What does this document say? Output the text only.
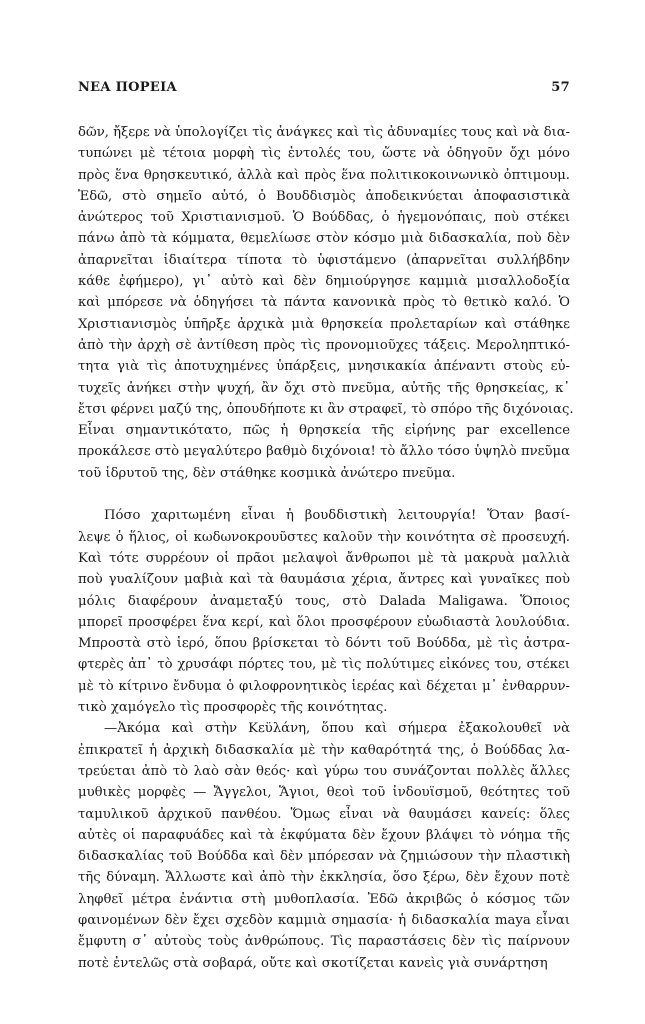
ΝΕΑ ΠΟΡΕΙΑ	57
δῶν, ἤξερε νὰ ὑπολογίζει τὶς ἀνάγκες καὶ τὶς ἀδυναμίες τους καὶ νὰ δια-
τυπώνει μὲ τέτοια μορφὴ τὶς ἐντολές του, ὥστε νὰ ὁδηγοῦν ὄχι μόνο
πρὸς ἕνα θρησκευτικό, ἀλλὰ καὶ πρὸς ἕνα πολιτικοκοινωνικὸ ὀπτιμουμ.
Ἐδῶ, στὸ σημεῖο αὐτό, ὁ Βουδδισμὸς ἀποδεικνύεται ἀποφασιστικὰ
ἀνώτερος τοῦ Χριστιανισμοῦ. Ὁ Βούδδας, ὁ ἡγεμονόπαις, ποὺ στέκει
πάνω ἀπὸ τὰ κόμματα, θεμελίωσε στὸν κόσμο μιὰ διδασκαλία, ποὺ δὲν
ἀπαρνεῖται ἰδιαίτερα τίποτα τὸ ὑφιστάμενο (ἀπαρνεῖται συλλήβδην
κάθε ἐφήμερο), γι᾽ αὐτὸ καὶ δὲν δημιούργησε καμμιὰ μισαλλοδοξία
καὶ μπόρεσε νὰ ὁδηγήσει τὰ πάντα κανονικὰ πρὸς τὸ θετικὸ καλό. Ὁ
Χριστιανισμὸς ὑπῆρξε ἀρχικὰ μιὰ θρησκεία προλεταρίων καὶ στάθηκε
ἀπὸ τὴν ἀρχὴ σὲ ἀντίθεση πρὸς τὶς προνομιοῦχες τάξεις. Μεροληπτικό-
τητα γιὰ τὶς ἀποτυχημένες ὑπάρξεις, μνησικακία ἀπέναντι στοὺς εὐ-
τυχεῖς ἀνήκει στὴν ψυχή, ἂν ὄχι στὸ πνεῦμα, αὐτῆς τῆς θρησκείας, κ᾽
ἔτσι φέρνει μαζύ της, ὁπουδήποτε κι ἂν στραφεῖ, τὸ σπόρο τῆς διχόνοιας.
Εἶναι σημαντικότατο, πῶς ἡ θρησκεία τῆς εἰρήνης par excellence
προκάλεσε στὸ μεγαλύτερο βαθμὸ διχόνοια! τὸ ἄλλο τόσο ὑψηλὸ πνεῦμα
τοῦ ἱδρυτοῦ της, δὲν στάθηκε κοσμικὰ ἀνώτερο πνεῦμα.
Πόσο χαριτωμένη εἶναι ἡ βουδδιστικὴ λειτουργία! Ὅταν βασί-
λεψε ὁ ἥλιος, οἱ κωδωνοκρουῦστες καλοῦν τὴν κοινότητα σὲ προσευχή.
Καὶ τότε συρρέουν οἱ πρᾶοι μελαψοὶ ἄνθρωποι μὲ τὰ μακρυὰ μαλλιὰ
ποὺ γυαλίζουν μαβιὰ καὶ τὰ θαυμάσια χέρια, ἄντρες καὶ γυναῖκες ποὺ
μόλις διαφέρουν ἀναμεταξύ τους, στὸ Dalada Maligawa. Ὅποιος
μπορεῖ προσφέρει ἕνα κερί, καὶ ὅλοι προσφέρουν εὐωδιαστὰ λουλούδια.
Μπροστὰ στὸ ἱερό, ὅπου βρίσκεται τὸ δόντι τοῦ Βούδδα, μὲ τὶς ἀστρα-
φτερὲς ἀπ᾽ τὸ χρυσάφι πόρτες του, μὲ τὶς πολύτιμες εἰκόνες του, στέκει
μὲ τὸ κίτρινο ἔνδυμα ὁ φιλοφρονητικὸς ἱερέας καὶ δέχεται μ᾽ ἐνθαρρυν-
τικὸ χαμόγελο τὶς προσφορὲς τῆς κοινότητας.
—Ἀκόμα καὶ στὴν Κεϋλάνη, ὅπου καὶ σήμερα ἐξακολουθεῖ νὰ
ἐπικρατεῖ ἡ ἀρχικὴ διδασκαλία μὲ τὴν καθαρότητά της, ὁ Βούδδας λα-
τρεύεται ἀπὸ τὸ λαὸ σὰν θεός· καὶ γύρω του συνάζονται πολλὲς ἄλλες
μυθικὲς μορφὲς — Ἄγγελοι, Ἅγιοι, θεοὶ τοῦ ἰνδουϊσμοῦ, θεότητες τοῦ
ταμυλικοῦ ἀρχικοῦ πανθέου. Ὅμως εἶναι νὰ θαυμάσει κανείς: ὅλες
αὐτὲς οἱ παραφυάδες καὶ τὰ ἐκφύματα δὲν ἔχουν βλάψει τὸ νόημα τῆς
διδασκαλίας τοῦ Βούδδα καὶ δὲν μπόρεσαν νὰ ζημιώσουν τὴν πλαστικὴ
τῆς δύναμη. Ἄλλωστε καὶ ἀπὸ τὴν ἐκκλησία, ὅσο ξέρω, δὲν ἔχουν ποτὲ
ληφθεῖ μέτρα ἐνάντια στὴ μυθοπλασία. Ἐδῶ ἀκριβῶς ὁ κόσμος τῶν
φαινομένων δὲν ἔχει σχεδὸν καμμιὰ σημασία· ἡ διδασκαλία maya εἶναι
ἔμφυτη σ᾽ αὐτοὺς τοὺς ἀνθρώπους. Τὶς παραστάσεις δὲν τὶς παίρνουν
ποτὲ ἐντελῶς στὰ σοβαρά, οὔτε καὶ σκοτίζεται κανεὶς γιὰ συνάρτηση
